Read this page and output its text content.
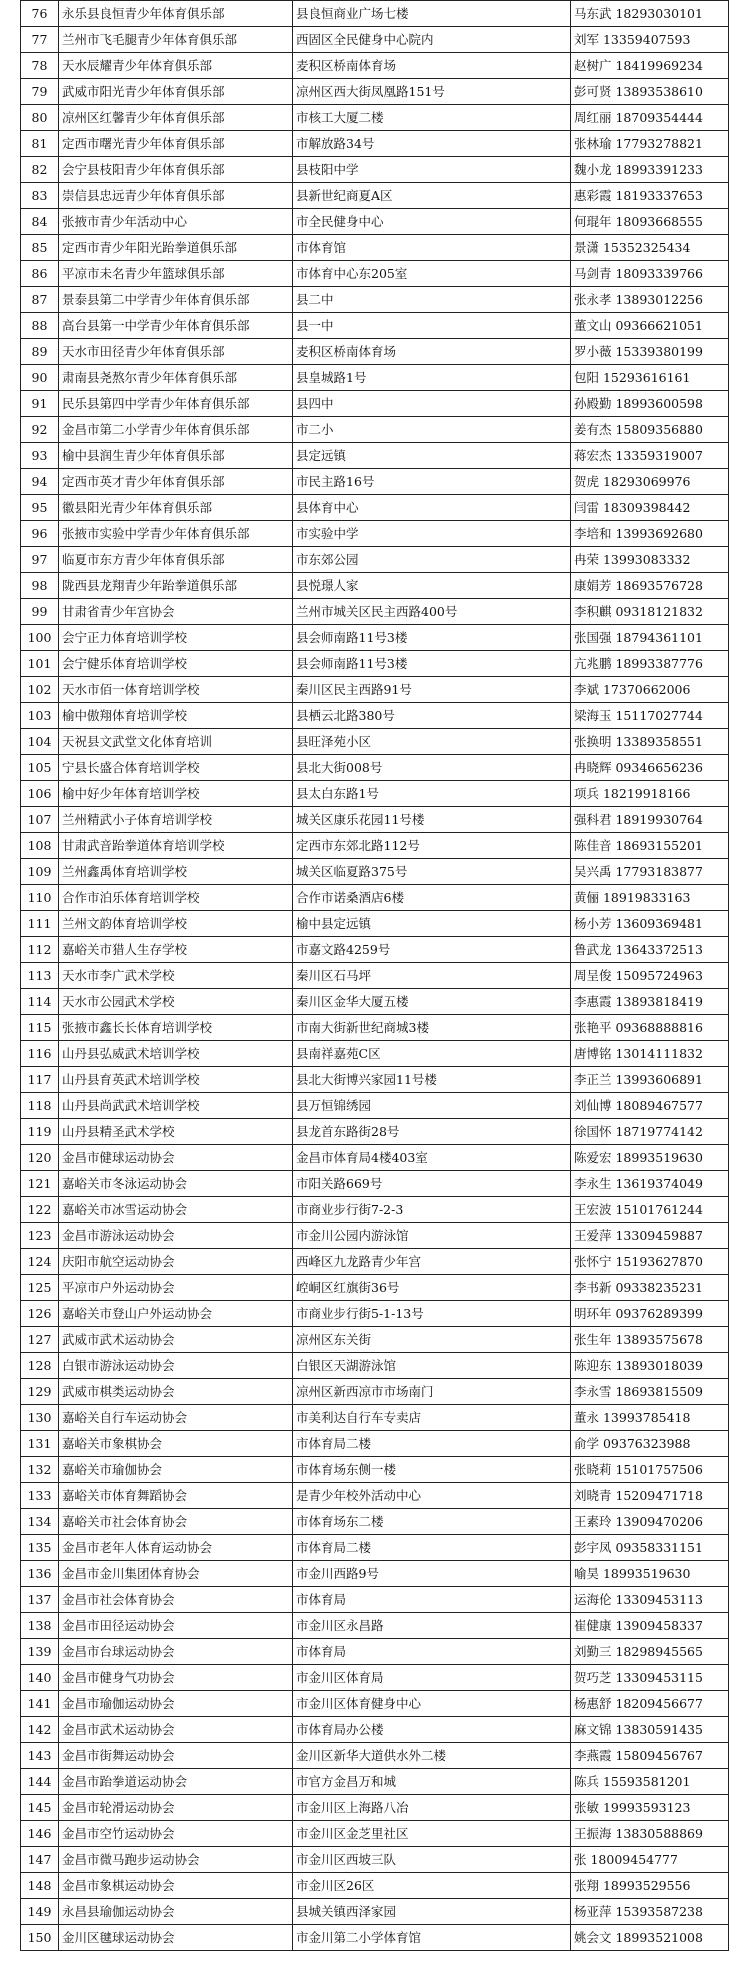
76	永乐县良恒青少年体育俱乐部	县良恒商业广场七楼	马东武 18293030101
77	兰州市飞毛腿青少年体育俱乐部	西固区全民健身中心院内	刘军 13359407593
78	天水辰耀青少年体育俱乐部	麦积区桥南体育场	赵树广 18419969234
79	武威市阳光青少年体育俱乐部	凉州区西大街凤凰路151号	彭可贤 13893538610
80	凉州区红馨青少年体育俱乐部	市核工大厦二楼	周红丽 18709354444
81	定西市曙光青少年体育俱乐部	市解放路34号	张林瑜 17793278821
82	会宁县枝阳青少年体育俱乐部	县枝阳中学	魏小龙 18993391233
83	崇信县忠远青少年体育俱乐部	县新世纪商夏A区	惠彩霞 18193337653
84	张掖市青少年活动中心	市全民健身中心	何琨年 18093668555
85	定西市青少年阳光跆拳道俱乐部	市体育馆	景潇 15352325434
86	平凉市未名青少年篮球俱乐部	市体育中心东205室	马剑青 18093339766
87	景泰县第二中学青少年体育俱乐部	县二中	张永孝 13893012256
88	高台县第一中学青少年体育俱乐部	县一中	董文山 09366621051
89	天水市田径青少年体育俱乐部	麦积区桥南体育场	罗小薇 15339380199
90	肃南县尧熬尔青少年体育俱乐部	县皇城路1号	包阳 15293616161
91	民乐县第四中学青少年体育俱乐部	县四中	孙殿勤 18993600598
92	金昌市第二小学青少年体育俱乐部	市二小	姜有杰 15809356880
93	榆中县润生青少年体育俱乐部	县定远镇	蒋宏杰 13359319007
94	定西市英才青少年体育俱乐部	市民主路16号	贺虎 18293069976
95	徽县阳光青少年体育俱乐部	县体育中心	闫雷 18309398442
96	张掖市实验中学青少年体育俱乐部	市实验中学	李培和 13993692680
97	临夏市东方青少年体育俱乐部	市东郊公园	冉荣 13993083332
98	陇西县龙翔青少年跆拳道俱乐部	县悦璟人家	康娟芳 18693576728
99	甘肃省青少年宫协会	兰州市城关区民主西路400号	李积麒 09318121832
100	会宁正力体育培训学校	县会师南路11号3楼	张国强 18794361101
101	会宁健乐体育培训学校	县会师南路11号3楼	亢兆鹏 18993387776
102	天水市佰一体育培训学校	秦川区民主西路91号	李斌 17370662006
103	榆中傲翔体育培训学校	县栖云北路380号	梁海玉 15117027744
104	天祝县文武堂文化体育培训	县旺泽苑小区	张换明 13389358551
105	宁县长盛合体育培训学校	县北大街008号	冉晓辉 09346656236
106	榆中好少年体育培训学校	县太白东路1号	项兵 18219918166
107	兰州精武小子体育培训学校	城关区康乐花园11号楼	强科君 18919930764
108	甘肃武音跆拳道体育培训学校	定西市东郊北路112号	陈佳音 18693155201
109	兰州鑫禹体育培训学校	城关区临夏路375号	吴兴禹 17793183877
110	合作市泊乐体育培训学校	合作市诺桑酒店6楼	黄俪 18919833163
111	兰州文韵体育培训学校	榆中县定远镇	杨小芳 13609369481
112	嘉峪关市猎人生存学校	市嘉文路4259号	鲁武龙 13643372513
113	天水市李广武术学校	秦川区石马坪	周呈俊 15095724963
114	天水市公园武术学校	秦川区金华大厦五楼	李惠霞 13893818419
115	张掖市鑫长长体育培训学校	市南大街新世纪商城3楼	张艳平 09368888816
116	山丹县弘威武术培训学校	县南祥嘉苑C区	唐博铭 13014111832
117	山丹县育英武术培训学校	县北大街博兴家园11号楼	李正兰 13993606891
118	山丹县尚武武术培训学校	县万恒锦绣园	刘仙博 18089467577
119	山丹县精圣武术学校	县龙首东路街28号	徐国怀 18719774142
120	金昌市健球运动协会	金昌市体育局4楼403室	陈爱宏 18993519630
121	嘉峪关市冬泳运动协会	市阳关路669号	李永生 13619374049
122	嘉峪关市冰雪运动协会	市商业步行街7-2-3	王宏波 15101761244
123	金昌市游泳运动协会	市金川公园内游泳馆	王爱萍 13309459887
124	庆阳市航空运动协会	西峰区九龙路青少年宫	张怀宁 15193627870
125	平凉市户外运动协会	崆峒区红旗街36号	李书新 09338235231
126	嘉峪关市登山户外运动协会	市商业步行街5-1-13号	明环年 09376289399
127	武威市武术运动协会	凉州区东关街	张生年 13893575678
128	白银市游泳运动协会	白银区天湖游泳馆	陈迎东 13893018039
129	武威市棋类运动协会	凉州区新西凉市市场南门	李永雪 18693815509
130	嘉峪关自行车运动协会	市美利达自行车专卖店	董永 13993785418
131	嘉峪关市象棋协会	市体育局二楼	俞学 09376323988
132	嘉峪关市瑜伽协会	市体育场东侧一楼	张晓莉 15101757506
133	嘉峪关市体育舞蹈协会	是青少年校外活动中心	刘晓青 15209471718
134	嘉峪关市社会体育协会	市体育场东二楼	王素玲 13909470206
135	金昌市老年人体育运动协会	市体育局二楼	彭宇凤 09358331151
136	金昌市金川集团体育协会	市金川西路9号	喻昊 18993519630
137	金昌市社会体育协会	市体育局	运海伦 13309453113
138	金昌市田径运动协会	市金川区永昌路	崔健康 13909458337
139	金昌市台球运动协会	市体育局	刘勤三 18298945565
140	金昌市健身气功协会	市金川区体育局	贺巧芝 13309453115
141	金昌市瑜伽运动协会	市金川区体育健身中心	杨惠舒 18209456677
142	金昌市武术运动协会	市体育局办公楼	麻文锦 13830591435
143	金昌市街舞运动协会	金川区新华大道供水外二楼	李燕霞 15809456767
144	金昌市跆拳道运动协会	市官方金昌万和城	陈兵 15593581201
145	金昌市轮滑运动协会	市金川区上海路八冶	张敏 19993593123
146	金昌市空竹运动协会	市金川区金芝里社区	王振海 13830588869
147	金昌市微马跑步运动协会	市金川区西坡三队	张 18009454777
148	金昌市象棋运动协会	市金川区26区	张翔 18993529556
149	永昌县瑜伽运动协会	县城关镇西泽家园	杨亚萍 15393587238
150	金川区毽球运动协会	市金川第二小学体育馆	姚会文 18993521008
